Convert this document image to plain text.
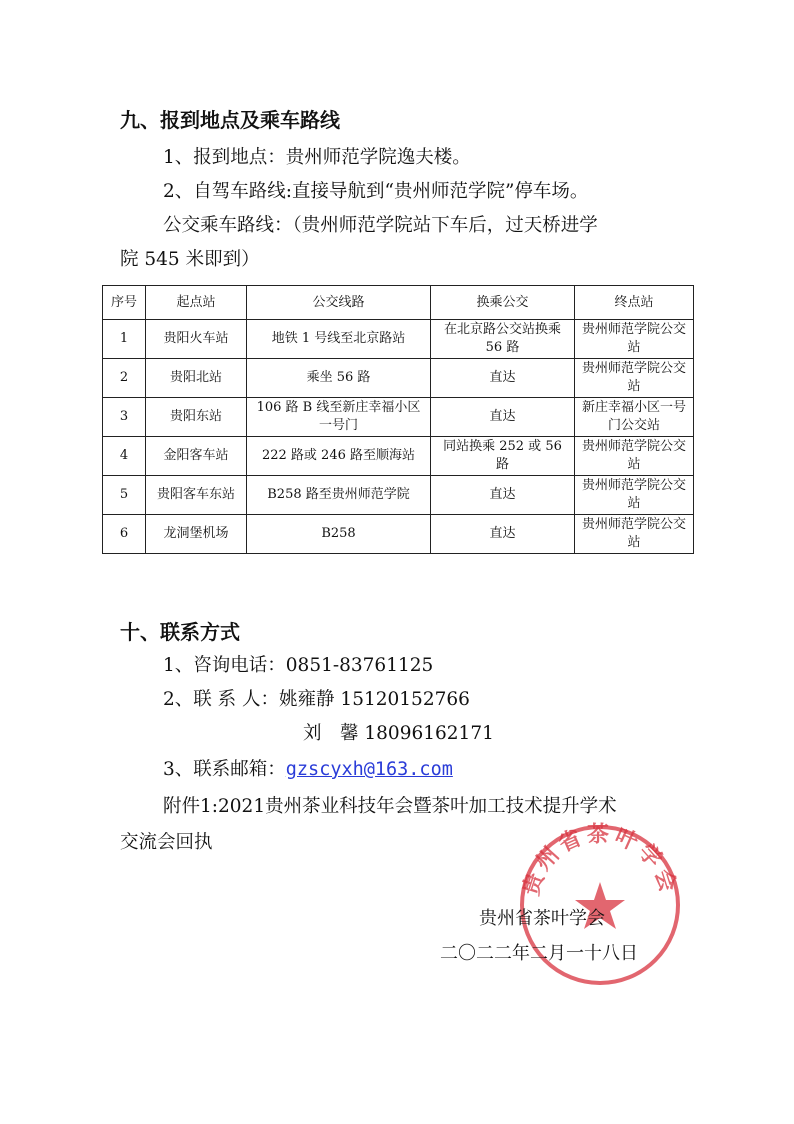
九、报到地点及乘车路线
1、报到地点：贵州师范学院逸夫楼。
2、自驾车路线:直接导航到“贵州师范学院”停车场。
公交乘车路线：（贵州师范学院站下车后，过天桥进学
院 545 米即到）
序号	起点站	公交线路	换乘公交	终点站
1	贵阳火车站	地铁 1 号线至北京路站	在北京路公交站换乘 56 路	贵州师范学院公交站
2	贵阳北站	乘坐 56 路	直达	贵州师范学院公交站
3	贵阳东站	106 路 B 线至新庄幸福小区一号门	直达	新庄幸福小区一号门公交站
4	金阳客车站	222 路或 246 路至顺海站	同站换乘 252 或 56 路	贵州师范学院公交站
5	贵阳客车东站	B258 路至贵州师范学院	直达	贵州师范学院公交站
6	龙洞堡机场	B258	直达	贵州师范学院公交站
十、联系方式
1、咨询电话：0851-83761125
2、联 系 人：姚雍静 15120152766
刘　馨 18096162171
3、联系邮箱：gzscyxh@163.com
附件1:2021贵州茶业科技年会暨茶叶加工技术提升学术
交流会回执
贵州省茶叶学会
贵州省茶叶学会
二〇二二年二月一十八日
